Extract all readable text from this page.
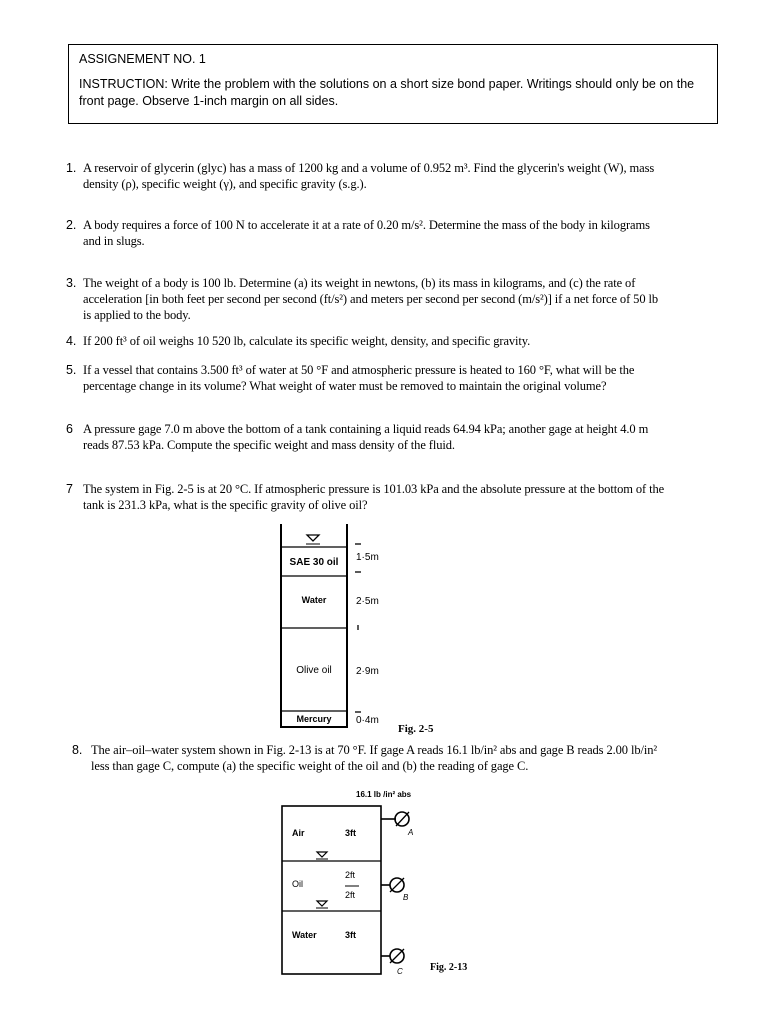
ASSIGNEMENT NO. 1
INSTRUCTION: Write the problem with the solutions on a short size bond paper. Writings should only be on the front page. Observe 1-inch margin on all sides.
1. A reservoir of glycerin (glyc) has a mass of 1200 kg and a volume of 0.952 m³. Find the glycerin's weight (W), mass density (ρ), specific weight (γ), and specific gravity (s.g.).
2. A body requires a force of 100 N to accelerate it at a rate of 0.20 m/s². Determine the mass of the body in kilograms and in slugs.
3. The weight of a body is 100 lb. Determine (a) its weight in newtons, (b) its mass in kilograms, and (c) the rate of acceleration [in both feet per second per second (ft/s²) and meters per second per second (m/s²)] if a net force of 50 lb is applied to the body.
4. If 200 ft³ of oil weighs 10 520 lb, calculate its specific weight, density, and specific gravity.
5. If a vessel that contains 3.500 ft³ of water at 50 °F and atmospheric pressure is heated to 160 °F, what will be the percentage change in its volume? What weight of water must be removed to maintain the original volume?
6 A pressure gage 7.0 m above the bottom of a tank containing a liquid reads 64.94 kPa; another gage at height 4.0 m reads 87.53 kPa. Compute the specific weight and mass density of the fluid.
7 The system in Fig. 2-5 is at 20 °C. If atmospheric pressure is 101.03 kPa and the absolute pressure at the bottom of the tank is 231.3 kPa, what is the specific gravity of olive oil?
SAE 30 oil
Water
Olive oil
Mercury
1·5m
2·5m
2·9m
0·4m
Fig. 2-5
8. The air–oil–water system shown in Fig. 2-13 is at 70 °F. If gage A reads 16.1 lb/in² abs and gage B reads 2.00 lb/in² less than gage C, compute (a) the specific weight of the oil and (b) the reading of gage C.
16.1 lb /in² abs
Air
Oil
Water
3ft
2ft
2ft
3ft
A
B
C	Fig. 2-13
